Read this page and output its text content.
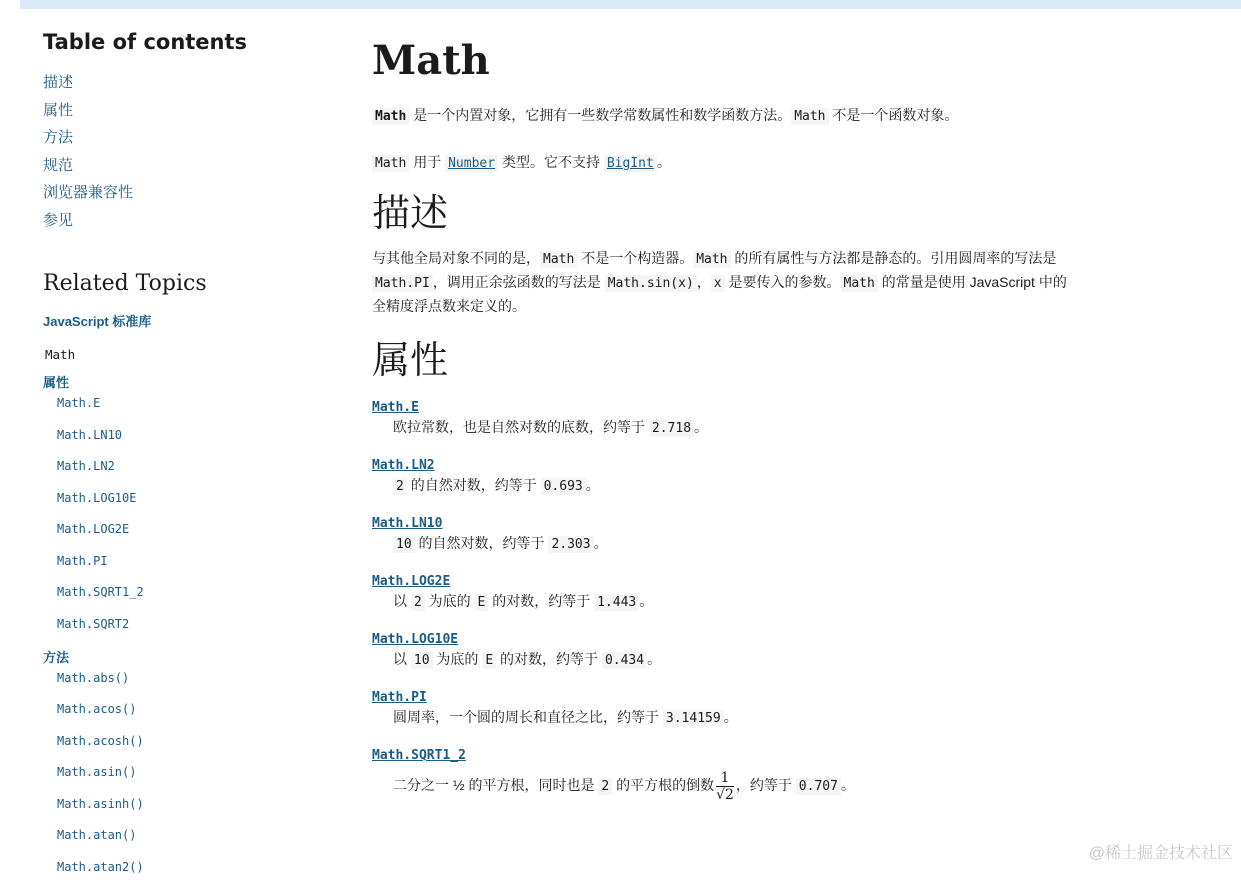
Table of contents
描述
属性
方法
规范
浏览器兼容性
参见
Related Topics
JavaScript 标准库
Math
属性
Math.E
Math.LN10
Math.LN2
Math.LOG10E
Math.LOG2E
Math.PI
Math.SQRT1_2
Math.SQRT2
方法
Math.abs()
Math.acos()
Math.acosh()
Math.asin()
Math.asinh()
Math.atan()
Math.atan2()
Math

Math 是一个内置对象，它拥有一些数学常数属性和数学函数方法。 Math 不是一个函数对象。

Math 用于 Number 类型。它不支持 BigInt 。

描述

与其他全局对象不同的是， Math 不是一个构造器。 Math 的所有属性与方法都是静态的。引用圆周率的写法是 Math.PI ，调用正余弦函数的写法是 Math.sin(x) ， x 是要传入的参数。 Math 的常量是使用 JavaScript 中的全精度浮点数来定义的。

属性
Math.E
欧拉常数，也是自然对数的底数，约等于 2.718 。
Math.LN2
2 的自然对数，约等于 0.693 。
Math.LN10
10 的自然对数，约等于 2.303 。
Math.LOG2E
以 2 为底的 E 的对数，约等于 1.443 。
Math.LOG10E
以 10 为底的 E 的对数，约等于 0.434 。
Math.PI
圆周率，一个圆的周长和直径之比，约等于 3.14159 。
Math.SQRT1_2
二分之一 ½ 的平方根，同时也是 2 的平方根的倒数 $\frac{1}{√2}$ ，约等于 0.707 。
@稀土掘金技术社区
